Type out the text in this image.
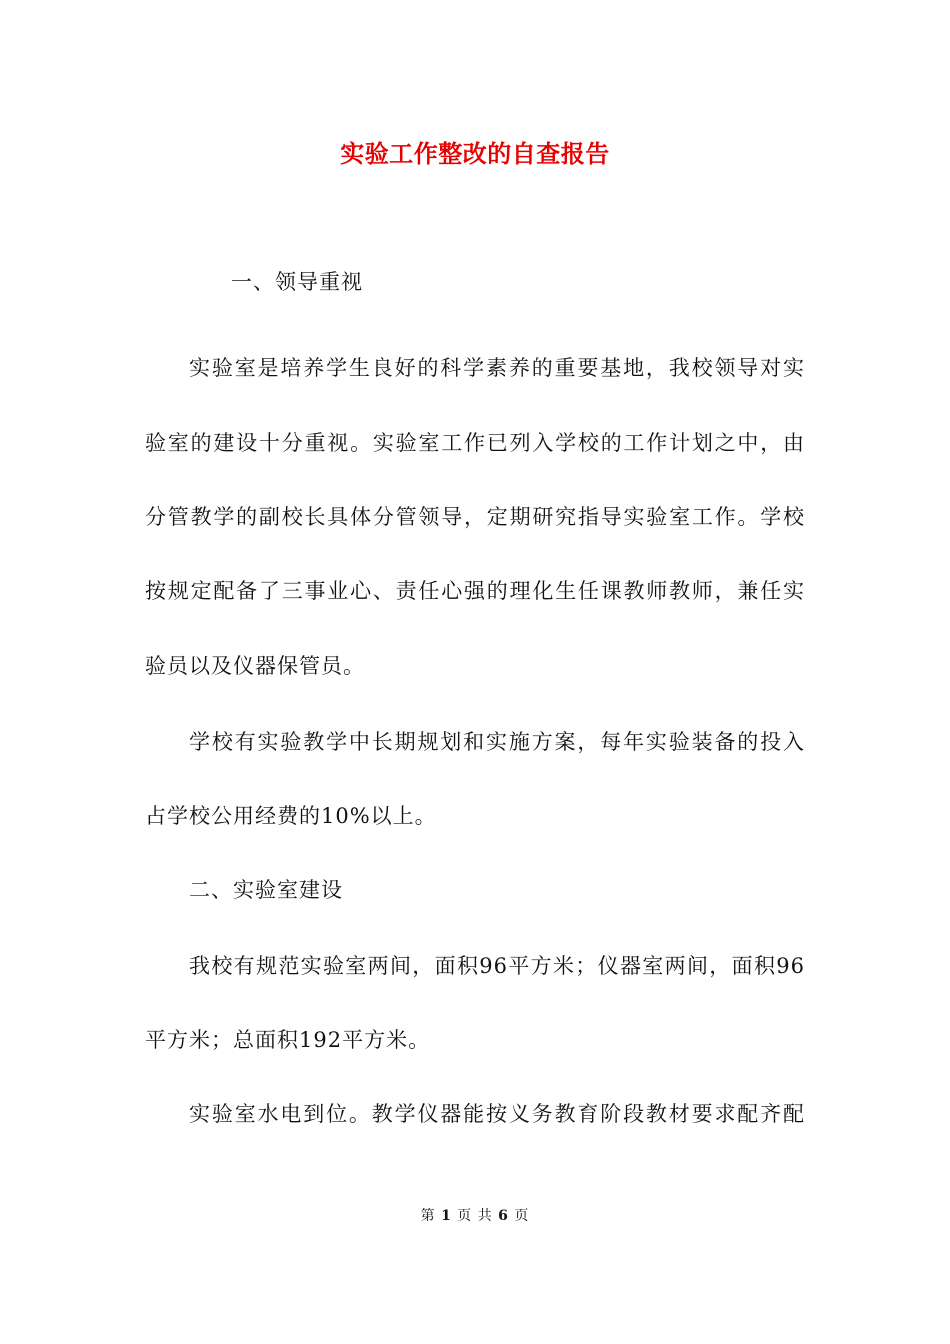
实验工作整改的自查报告
一、领导重视
实验室是培养学生良好的科学素养的重要基地，我校领导对实
验室的建设十分重视。实验室工作已列入学校的工作计划之中，由
分管教学的副校长具体分管领导，定期研究指导实验室工作。学校
按规定配备了三事业心、责任心强的理化生任课教师教师，兼任实
验员以及仪器保管员。
学校有实验教学中长期规划和实施方案，每年实验装备的投入
占学校公用经费的10%以上。
二、实验室建设
我校有规范实验室两间，面积96平方米；仪器室两间，面积96
平方米；总面积192平方米。
实验室水电到位。教学仪器能按义务教育阶段教材要求配齐配
第 1 页 共 6 页
